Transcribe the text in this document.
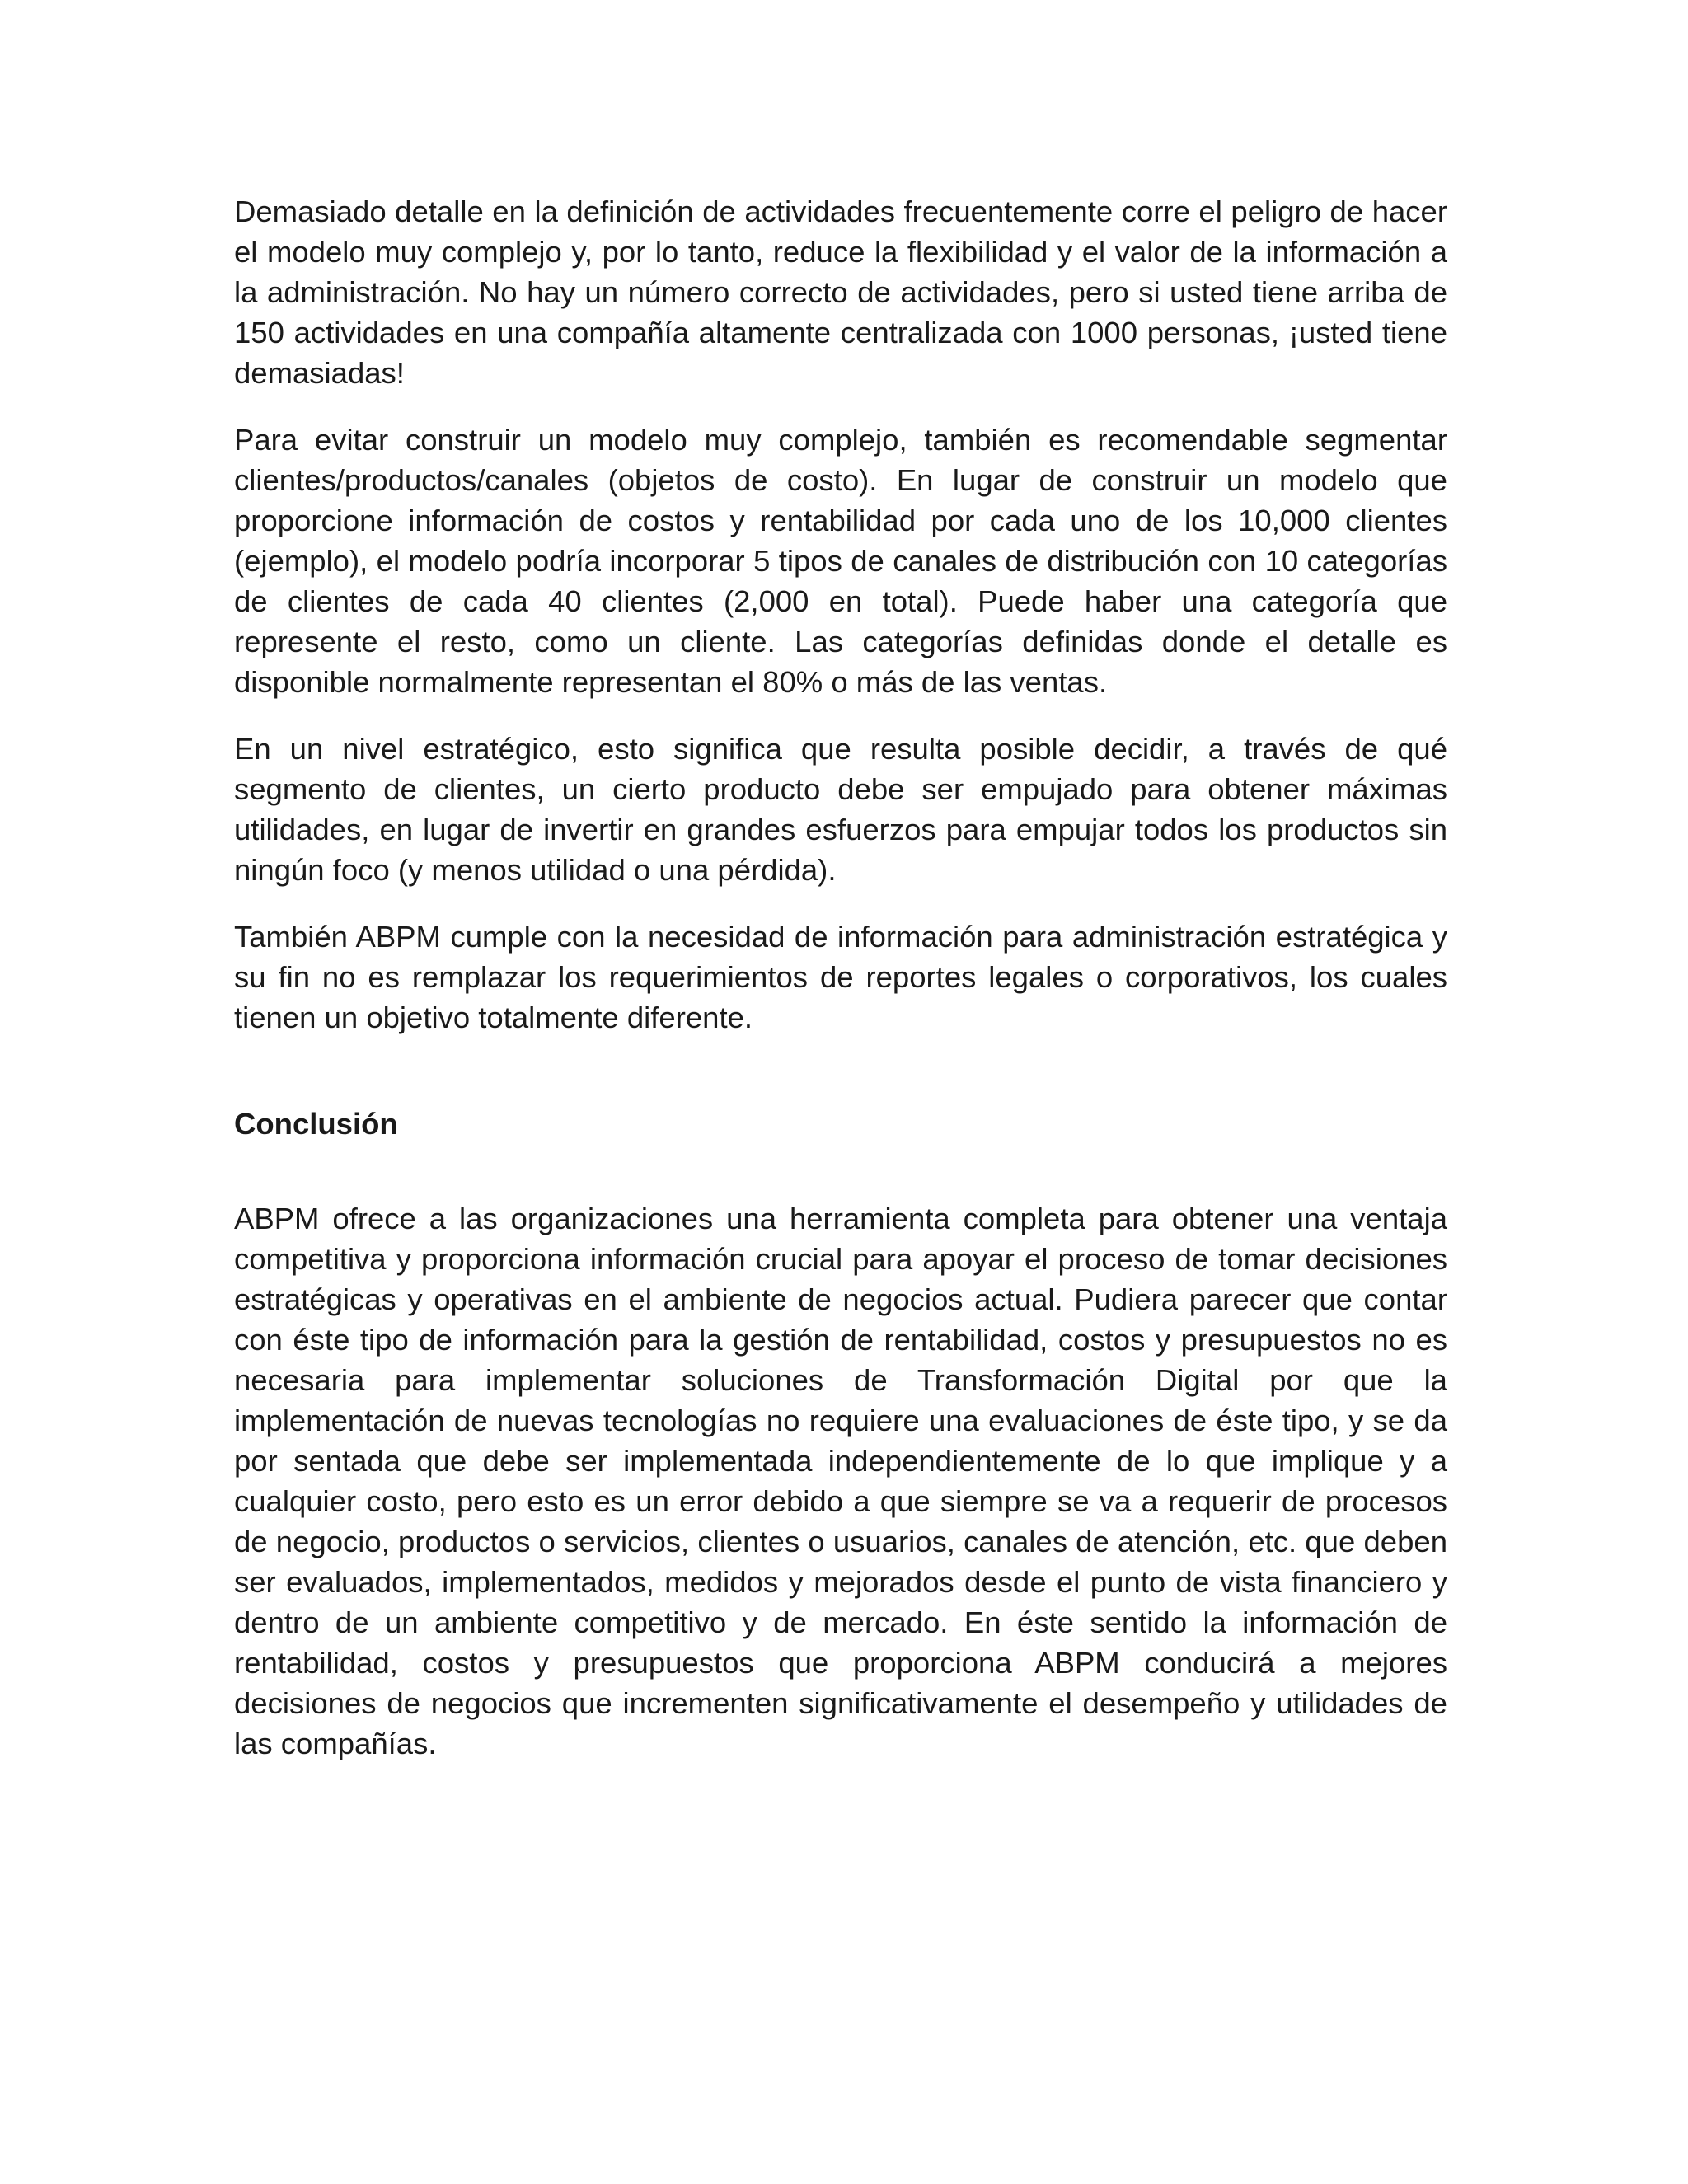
Demasiado detalle en la definición de actividades frecuentemente corre el peligro de hacer el modelo muy complejo y, por lo tanto, reduce la flexibilidad y el valor de la información a la administración. No hay un número correcto de actividades, pero si usted tiene arriba de 150 actividades en una compañía altamente centralizada con 1000 personas, ¡usted tiene demasiadas!

Para evitar construir un modelo muy complejo, también es recomendable segmentar clientes/productos/canales (objetos de costo). En lugar de construir un modelo que proporcione información de costos y rentabilidad por cada uno de los 10,000 clientes (ejemplo), el modelo podría incorporar 5 tipos de canales de distribución con 10 categorías de clientes de cada 40 clientes (2,000 en total). Puede haber una categoría que represente el resto, como un cliente. Las categorías definidas donde el detalle es disponible normalmente representan el 80% o más de las ventas.

En un nivel estratégico, esto significa que resulta posible decidir, a través de qué segmento de clientes, un cierto producto debe ser empujado para obtener máximas utilidades, en lugar de invertir en grandes esfuerzos para empujar todos los productos sin ningún foco (y menos utilidad o una pérdida).

También ABPM cumple con la necesidad de información para administración estratégica y su fin no es remplazar los requerimientos de reportes legales o corporativos, los cuales tienen un objetivo totalmente diferente.

Conclusión

ABPM ofrece a las organizaciones una herramienta completa para obtener una ventaja competitiva y proporciona información crucial para apoyar el proceso de tomar decisiones estratégicas y operativas en el ambiente de negocios actual. Pudiera parecer que contar con éste tipo de información para la gestión de rentabilidad, costos y presupuestos no es necesaria para implementar soluciones de Transformación Digital por que la implementación de nuevas tecnologías no requiere una evaluaciones de éste tipo, y se da por sentada que debe ser implementada independientemente de lo que implique y a cualquier costo, pero esto es un error debido a que siempre se va a requerir de procesos de negocio, productos o servicios, clientes o usuarios, canales de atención, etc. que deben ser evaluados, implementados, medidos y mejorados desde el punto de vista financiero y dentro de un ambiente competitivo y de mercado. En éste sentido la información de rentabilidad, costos y presupuestos que proporciona ABPM conducirá a mejores decisiones de negocios que incrementen significativamente el desempeño y utilidades de las compañías.
